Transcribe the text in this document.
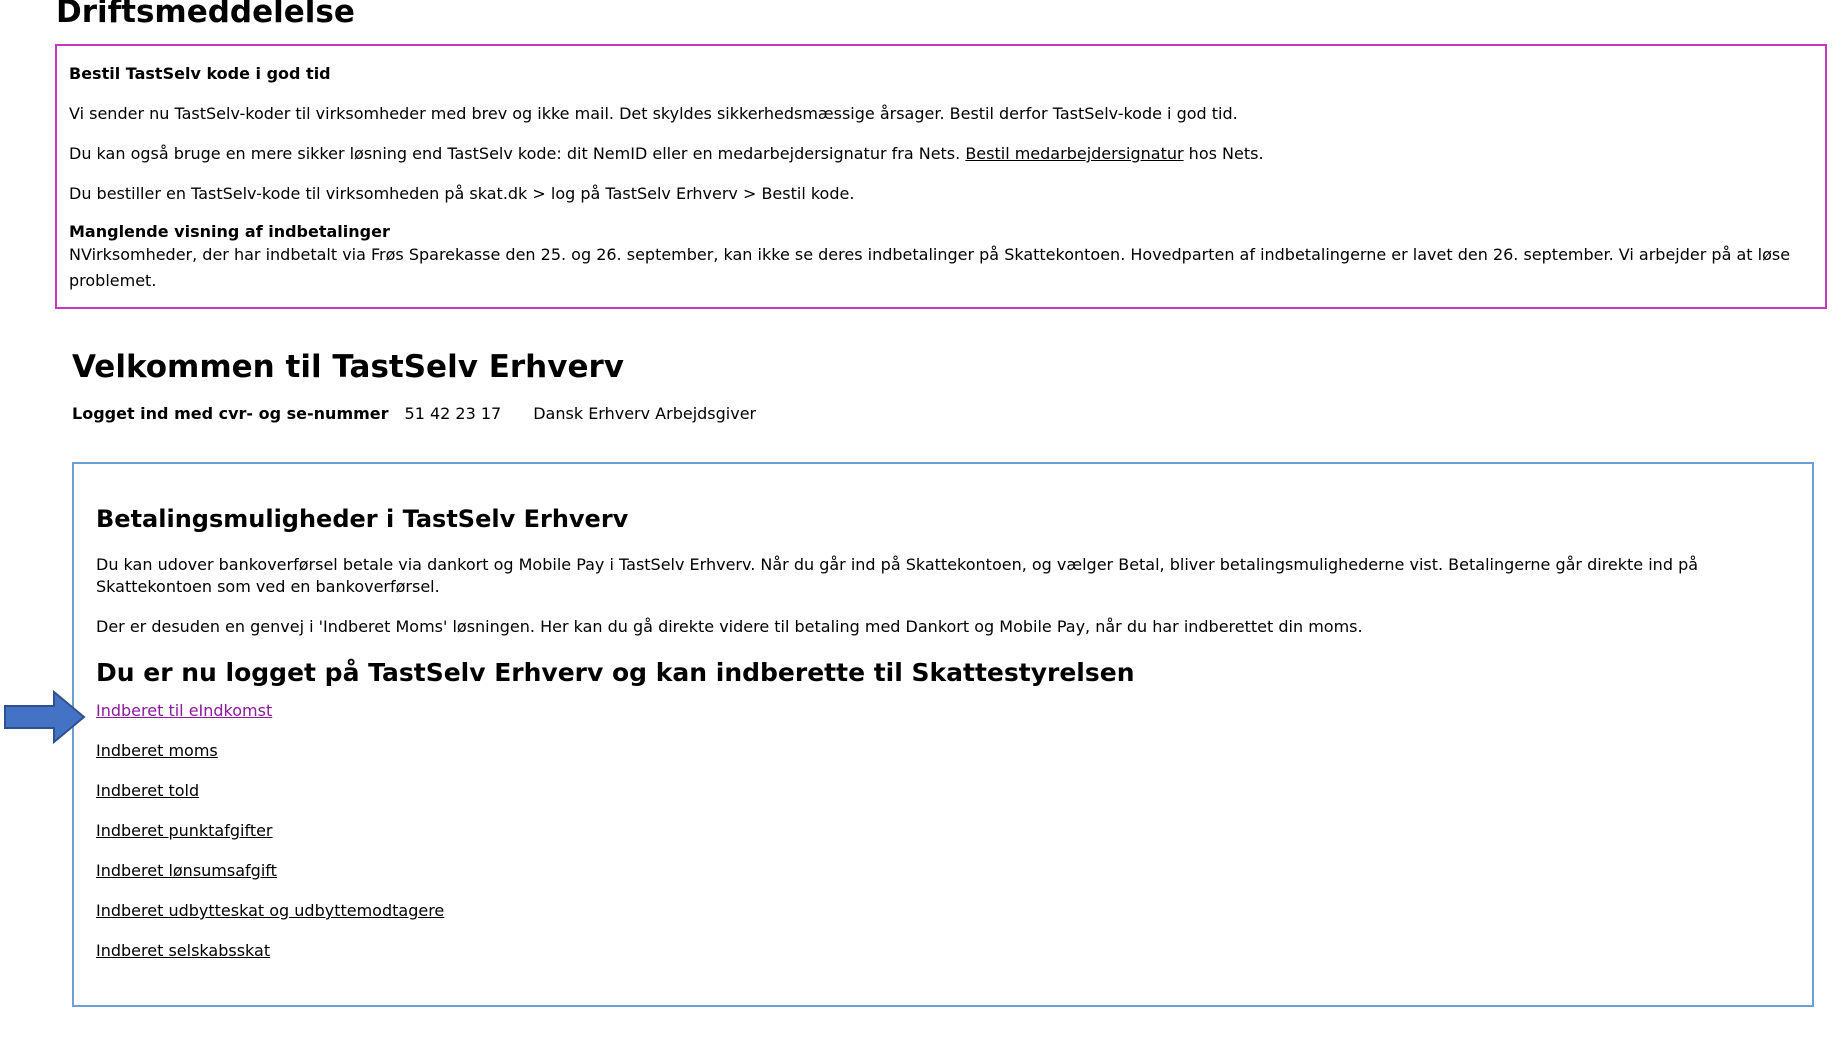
Driftsmeddelelse

Bestil TastSelv kode i god tid

Vi sender nu TastSelv-koder til virksomheder med brev og ikke mail. Det skyldes sikkerhedsmæssige årsager. Bestil derfor TastSelv-kode i god tid.

Du kan også bruge en mere sikker løsning end TastSelv kode: dit NemID eller en medarbejdersignatur fra Nets. Bestil medarbejdersignatur hos Nets.

Du bestiller en TastSelv-kode til virksomheden på skat.dk > log på TastSelv Erhverv > Bestil kode.

Manglende visning af indbetalinger

NVirksomheder, der har indbetalt via Frøs Sparekasse den 25. og 26. september, kan ikke se deres indbetalinger på Skattekontoen. Hovedparten af indbetalingerne er lavet den 26. september. Vi arbejder på at løse problemet.

Velkommen til TastSelv Erhverv
Logget ind med cvr- og se-nummer 51 42 23 17 Dansk Erhverv Arbejdsgiver
Betalingsmuligheder i TastSelv Erhverv

Du kan udover bankoverførsel betale via dankort og Mobile Pay i TastSelv Erhverv. Når du går ind på Skattekontoen, og vælger Betal, bliver betalingsmulighederne vist. Betalingerne går direkte ind på Skattekontoen som ved en bankoverførsel.

Der er desuden en genvej i 'Indberet Moms' løsningen. Her kan du gå direkte videre til betaling med Dankort og Mobile Pay, når du har indberettet din moms.

Du er nu logget på TastSelv Erhverv og kan indberette til Skattestyrelsen
Indberet til eIndkomst
Indberet moms
Indberet told
Indberet punktafgifter
Indberet lønsumsafgift
Indberet udbytteskat og udbyttemodtagere
Indberet selskabsskat
